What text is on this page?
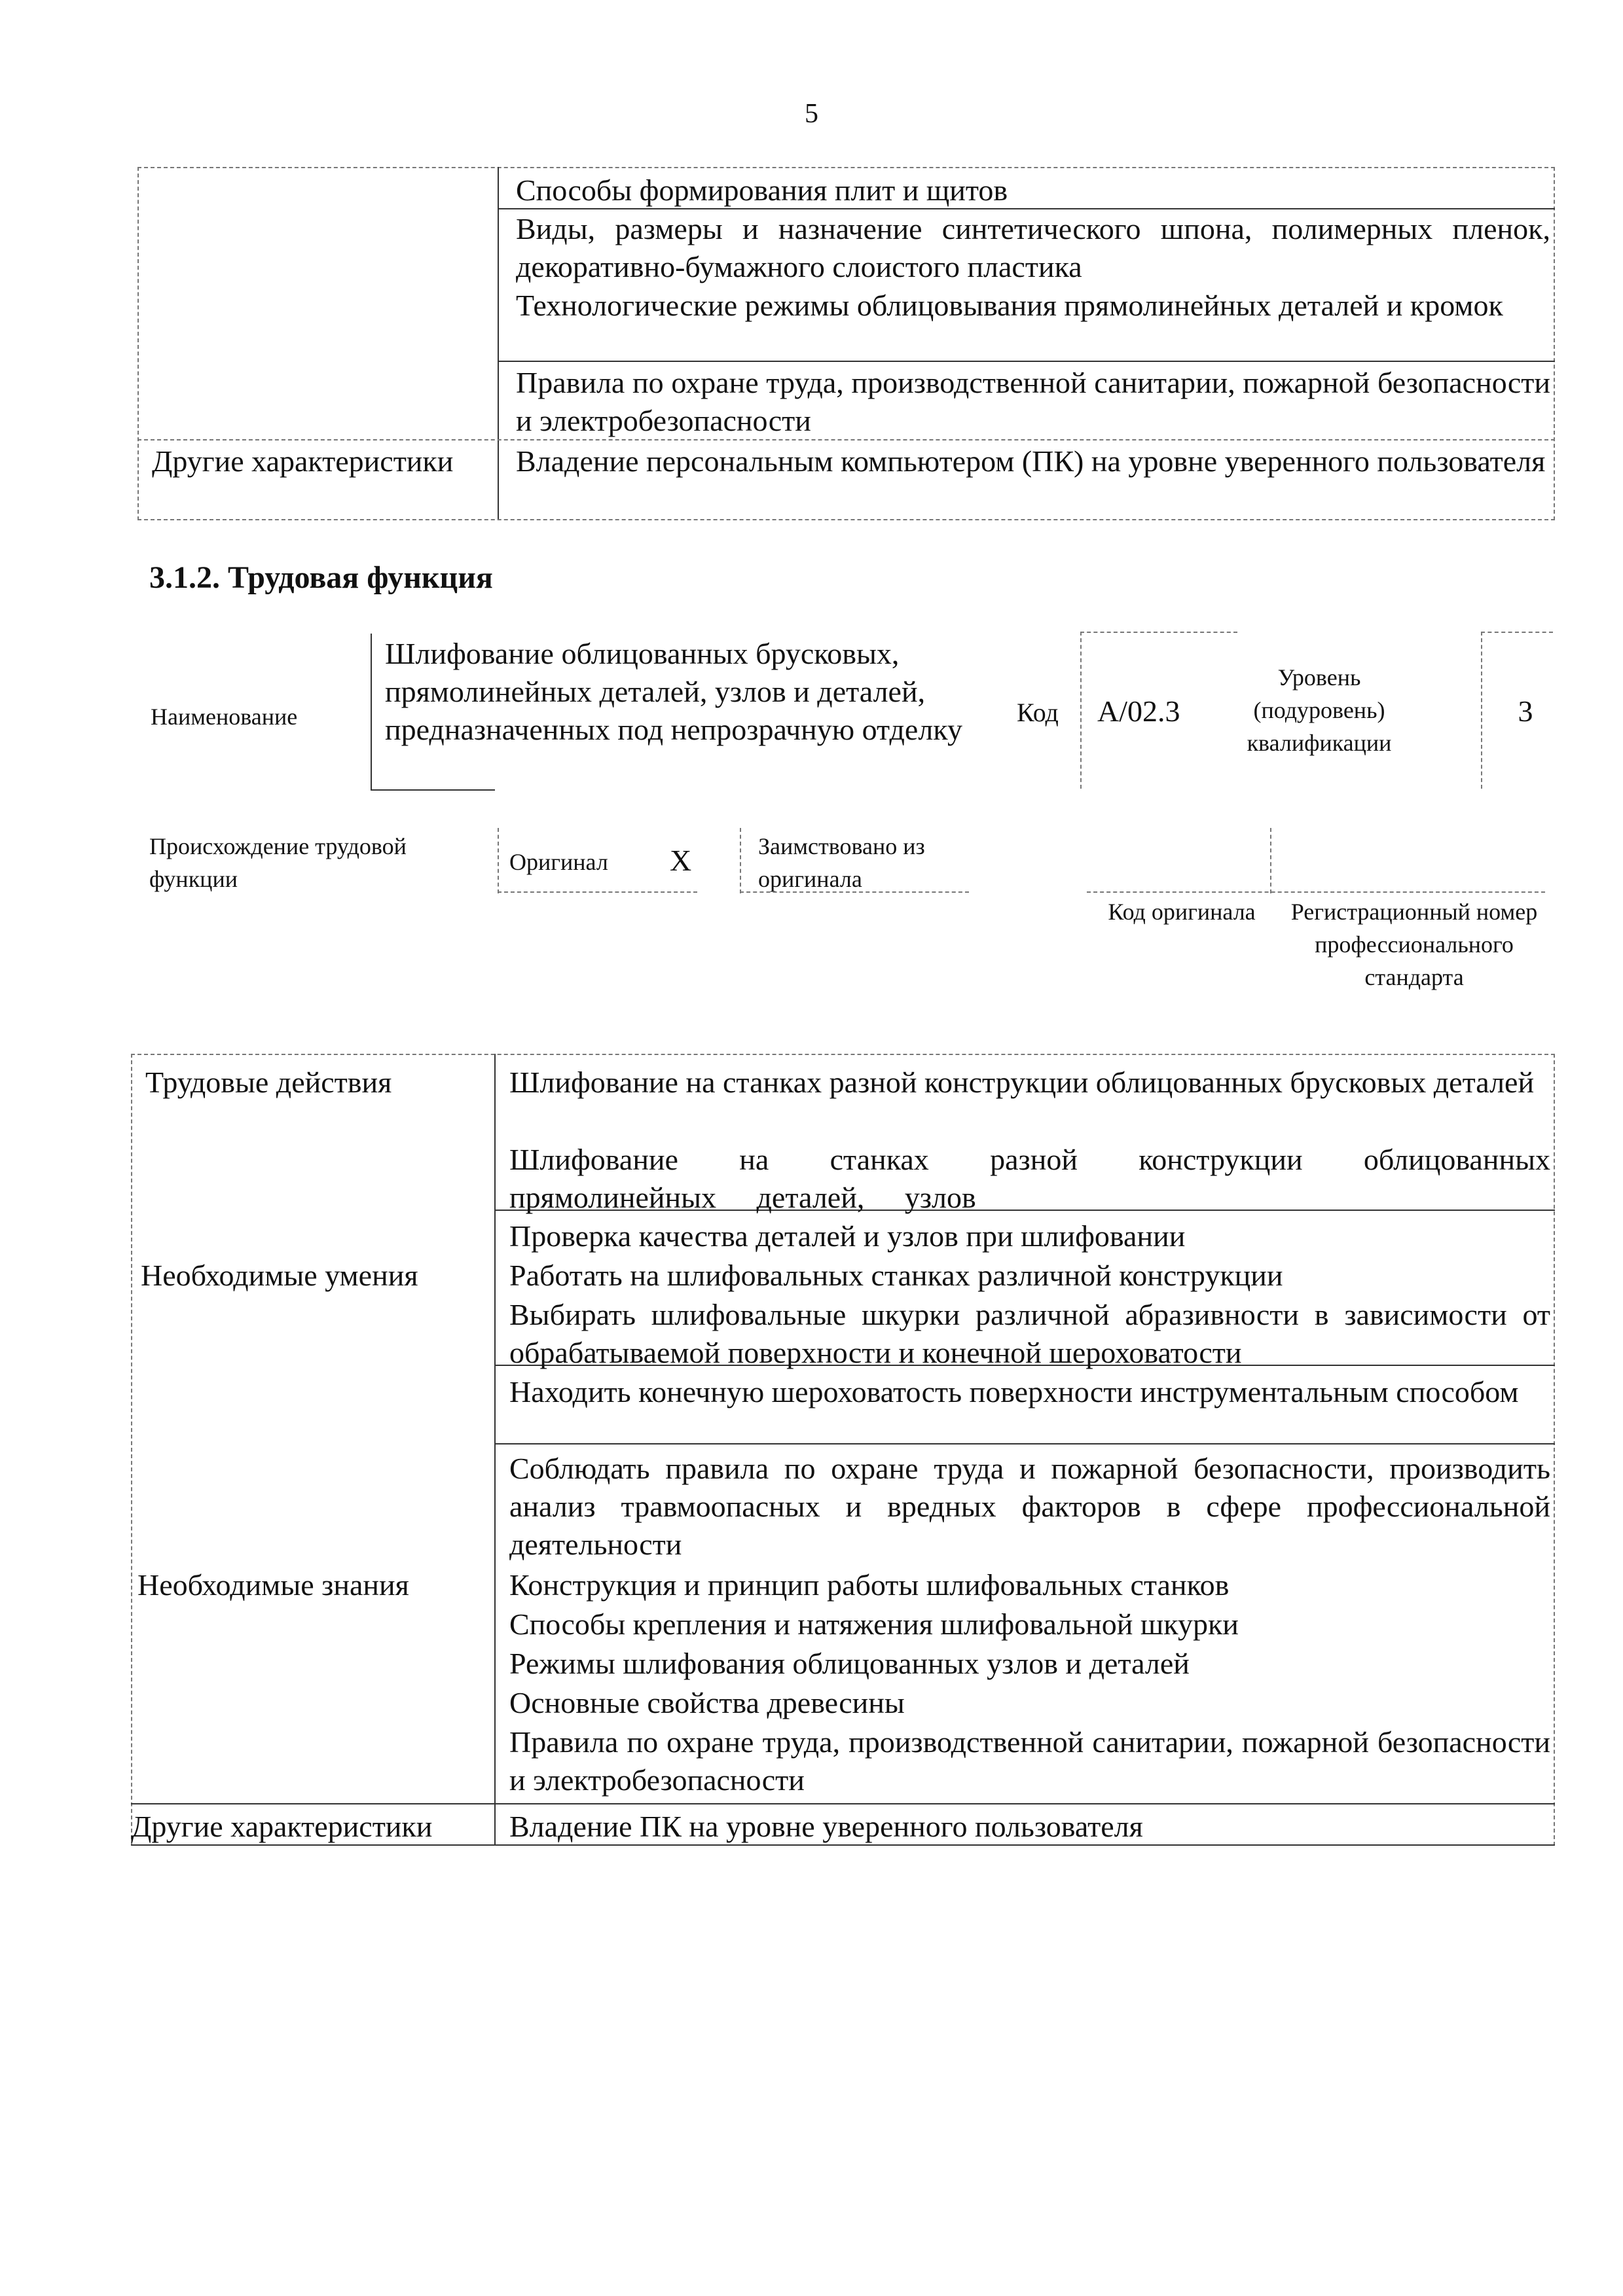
5
Способы формирования плит и щитов
Виды, размеры и назначение синтетического шпона, полимерных пленок, декоративно-бумажного слоистого пластика
Технологические режимы облицовывания прямолинейных деталей и кромок
Правила по охране труда, производственной санитарии, пожарной безопасности и электробезопасности
Другие характеристики Владение персональным компьютером (ПК) на уровне уверенного пользователя
3.1.2. Трудовая функция
Наименование
Шлифование облицованных брусковых, прямолинейных деталей, узлов и деталей, предназначенных под непрозрачную отделку
Код A/02.3
Уровень (подуровень) квалификации
3
Происхождение трудовой функции
Оригинал X	Заимствовано из оригинала
Код оригинала	Регистрационный номер профессионального стандарта
Трудовые действия
Необходимые умения
Необходимые знания
Другие характеристики
Шлифование на станках разной конструкции облицованных брусковых деталей
Шлифование на станках разной конструкции облицованных прямолинейных деталей, узлов
Проверка качества деталей и узлов при шлифовании
Работать на шлифовальных станках различной конструкции
Выбирать шлифовальные шкурки различной абразивности в зависимости от обрабатываемой поверхности и конечной шероховатости
Находить конечную шероховатость поверхности инструментальным способом
Соблюдать правила по охране труда и пожарной безопасности, производить анализ травмоопасных и вредных факторов в сфере профессиональной деятельности
Конструкция и принцип работы шлифовальных станков
Способы крепления и натяжения шлифовальной шкурки
Режимы шлифования облицованных узлов и деталей
Основные свойства древесины
Правила по охране труда, производственной санитарии, пожарной безопасности и электробезопасности
Владение ПК на уровне уверенного пользователя
